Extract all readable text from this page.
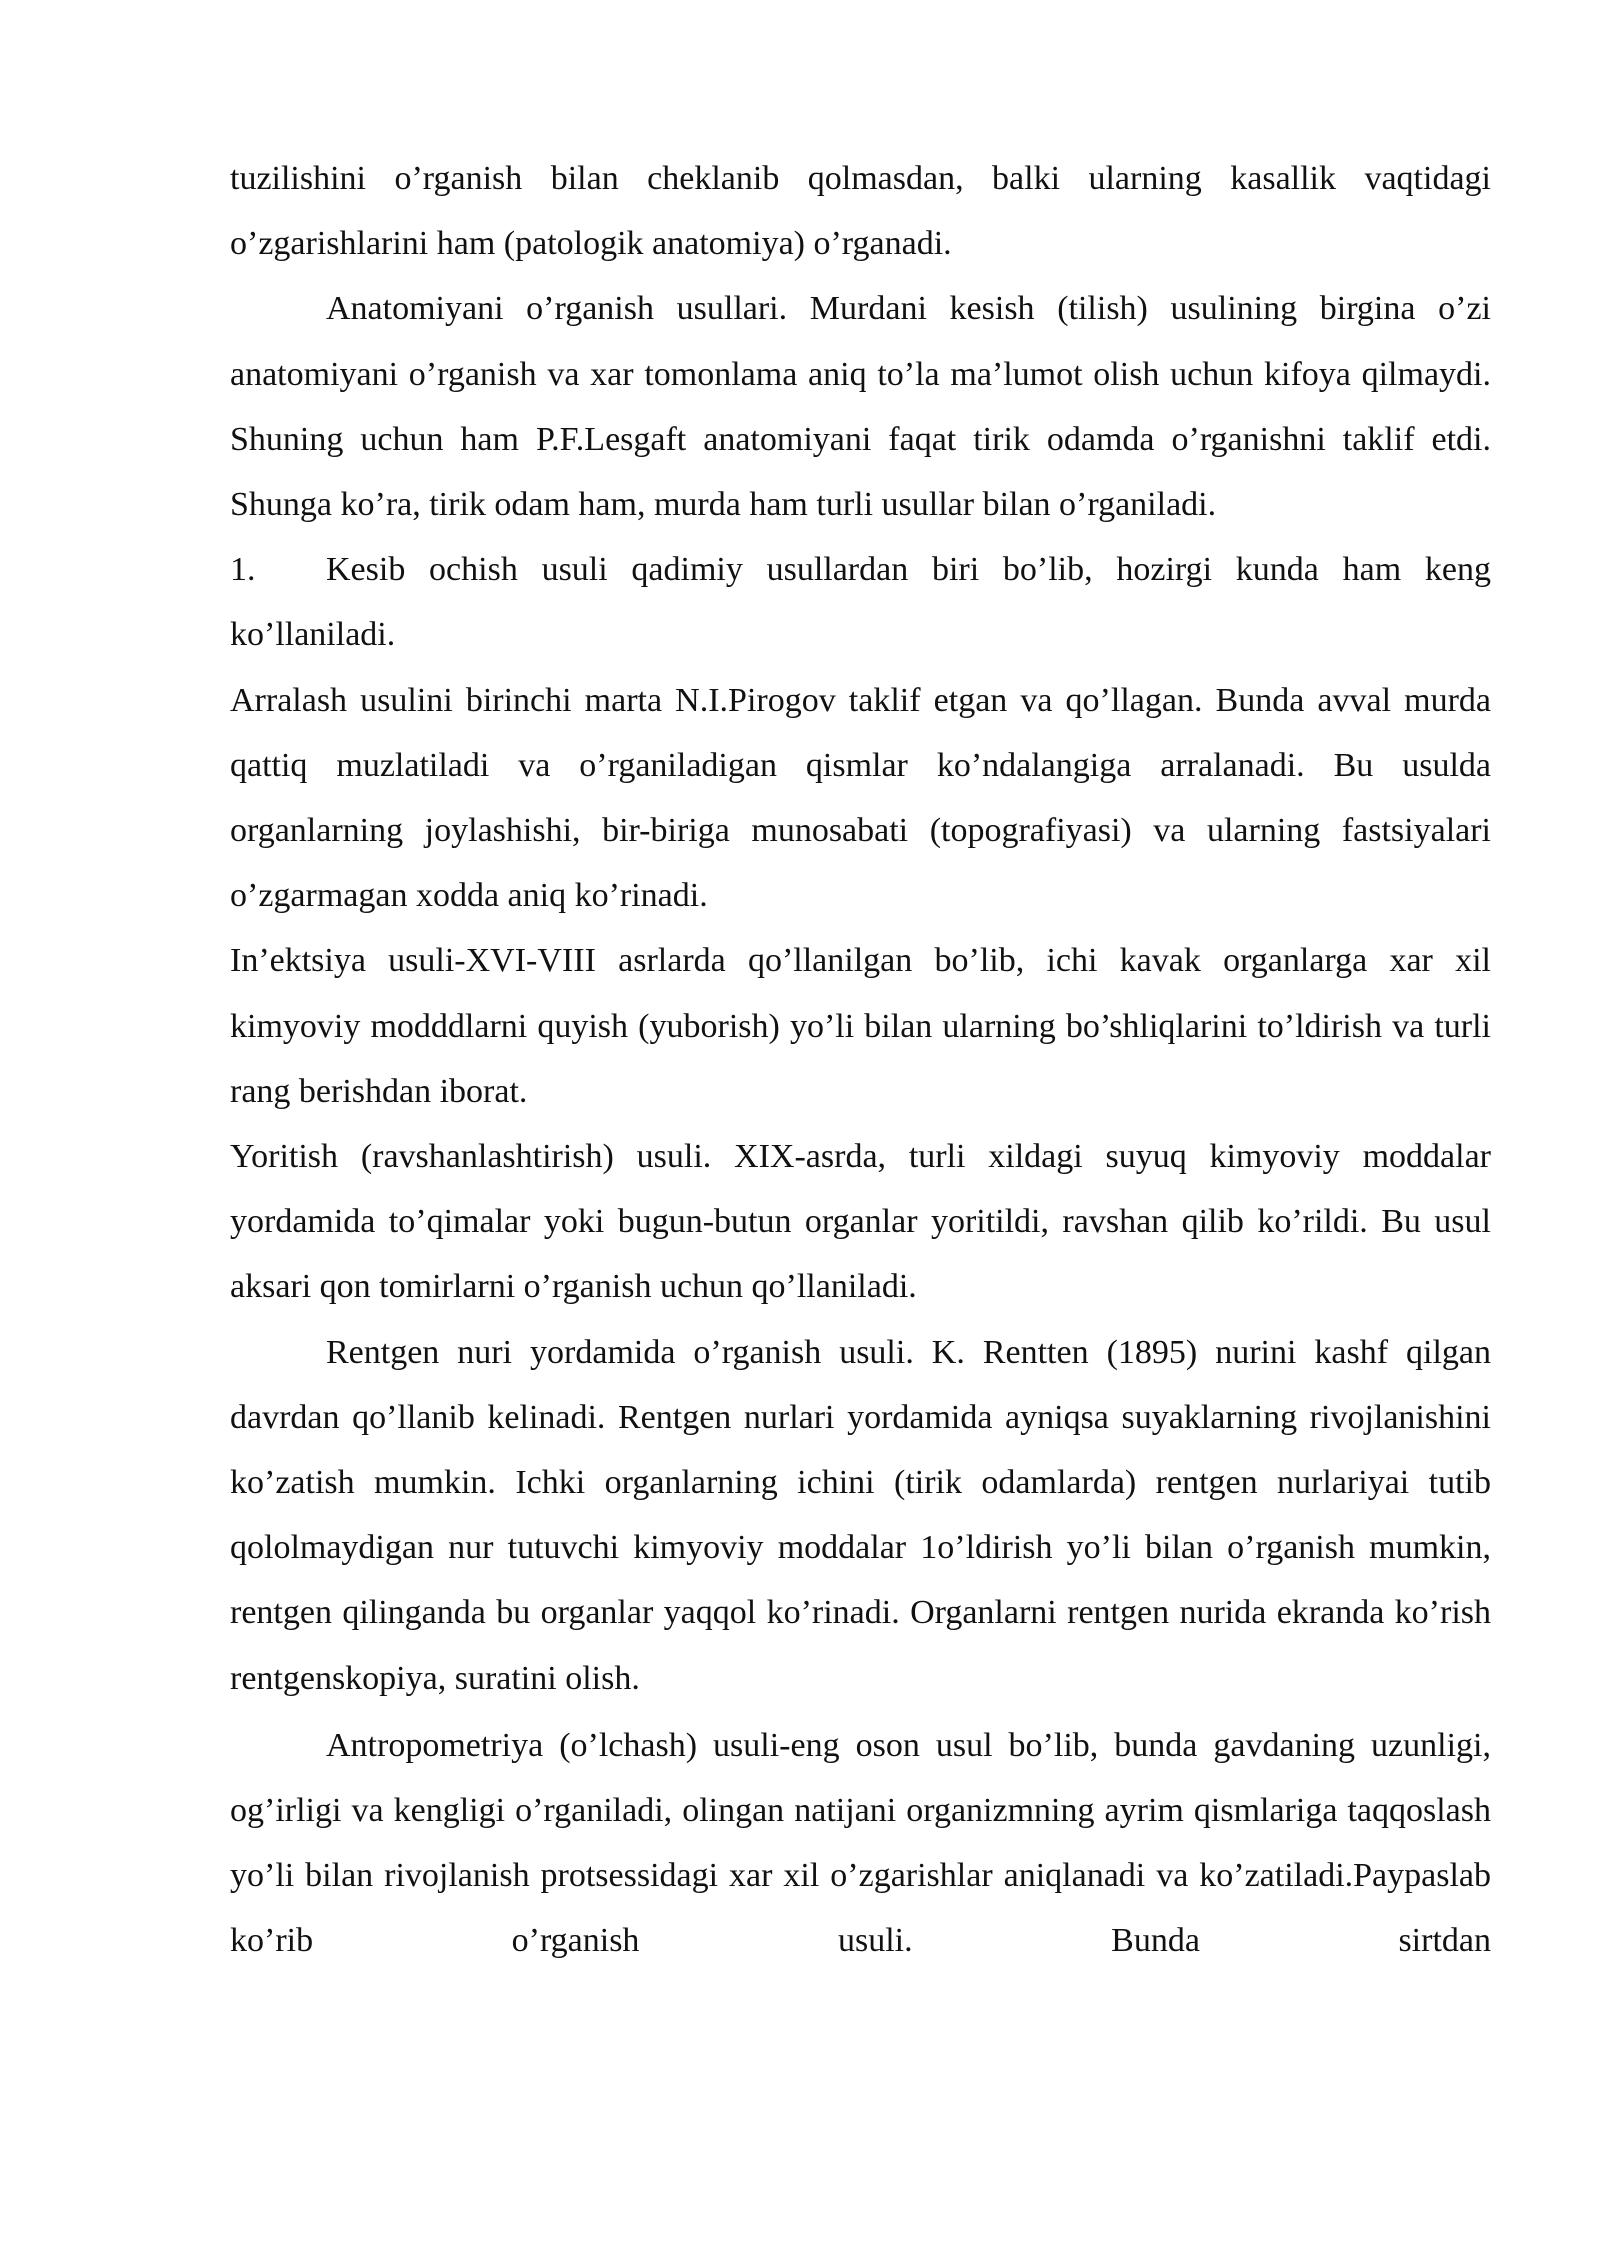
tuzilishini o’rganish bilan cheklanib qolmasdan, balki ularning kasallik vaqtidagi o’zgarishlarini ham (patologik anatomiya) o’rganadi.

Anatomiyani o’rganish usullari. Murdani kesish (tilish) usulining birgina o’zi anatomiyani o’rganish va xar tomonlama aniq to’la ma’lumot olish uchun kifoya qilmaydi. Shuning uchun ham P.F.Lesgaft anatomiyani faqat tirik odamda o’rganishni taklif etdi. Shunga ko’ra, tirik odam ham, murda ham turli usullar bilan o’rganiladi.

1. Kesib ochish usuli qadimiy usullardan biri bo’lib, hozirgi kunda ham keng ko’llaniladi.

Arralash usulini birinchi marta N.I.Pirogov taklif etgan va qo’llagan. Bunda avval murda qattiq muzlatiladi va o’rganiladigan qismlar ko’ndalangiga arralanadi. Bu usulda organlarning joylashishi, bir-biriga munosabati (topografiyasi) va ularning fastsiyalari o’zgarmagan xodda aniq ko’rinadi.

In’ektsiya usuli-XVI-VIII asrlarda qo’llanilgan bo’lib, ichi kavak organlarga xar xil kimyoviy modddlarni quyish (yuborish) yo’li bilan ularning bo’shliqlarini to’ldirish va turli rang berishdan iborat.

Yoritish (ravshanlashtirish) usuli. XIX-asrda, turli xildagi suyuq kimyoviy moddalar yordamida to’qimalar yoki bugun-butun organlar yoritildi, ravshan qilib ko’rildi. Bu usul aksari qon tomirlarni o’rganish uchun qo’llaniladi.

Rentgen nuri yordamida o’rganish usuli. K. Rentten (1895) nurini kashf qilgan davrdan qo’llanib kelinadi. Rentgen nurlari yordamida ayniqsa suyaklarning rivojlanishini ko’zatish mumkin. Ichki organlarning ichini (tirik odamlarda) rentgen nurlariyai tutib qololmaydigan nur tutuvchi kimyoviy moddalar 1o’ldirish yo’li bilan o’rganish mumkin, rentgen qilinganda bu organlar yaqqol ko’rinadi. Organlarni rentgen nurida ekranda ko’rish rentgenskopiya, suratini olish.

Antropometriya (o’lchash) usuli-eng oson usul bo’lib, bunda gavdaning uzunligi, og’irligi va kengligi o’rganiladi, olingan natijani organizmning ayrim qismlariga taqqoslash yo’li bilan rivojlanish protsessidagi xar xil o’zgarishlar aniqlanadi va ko’zatiladi.Paypaslab ko’rib o’rganish usuli. Bunda sirtdan
